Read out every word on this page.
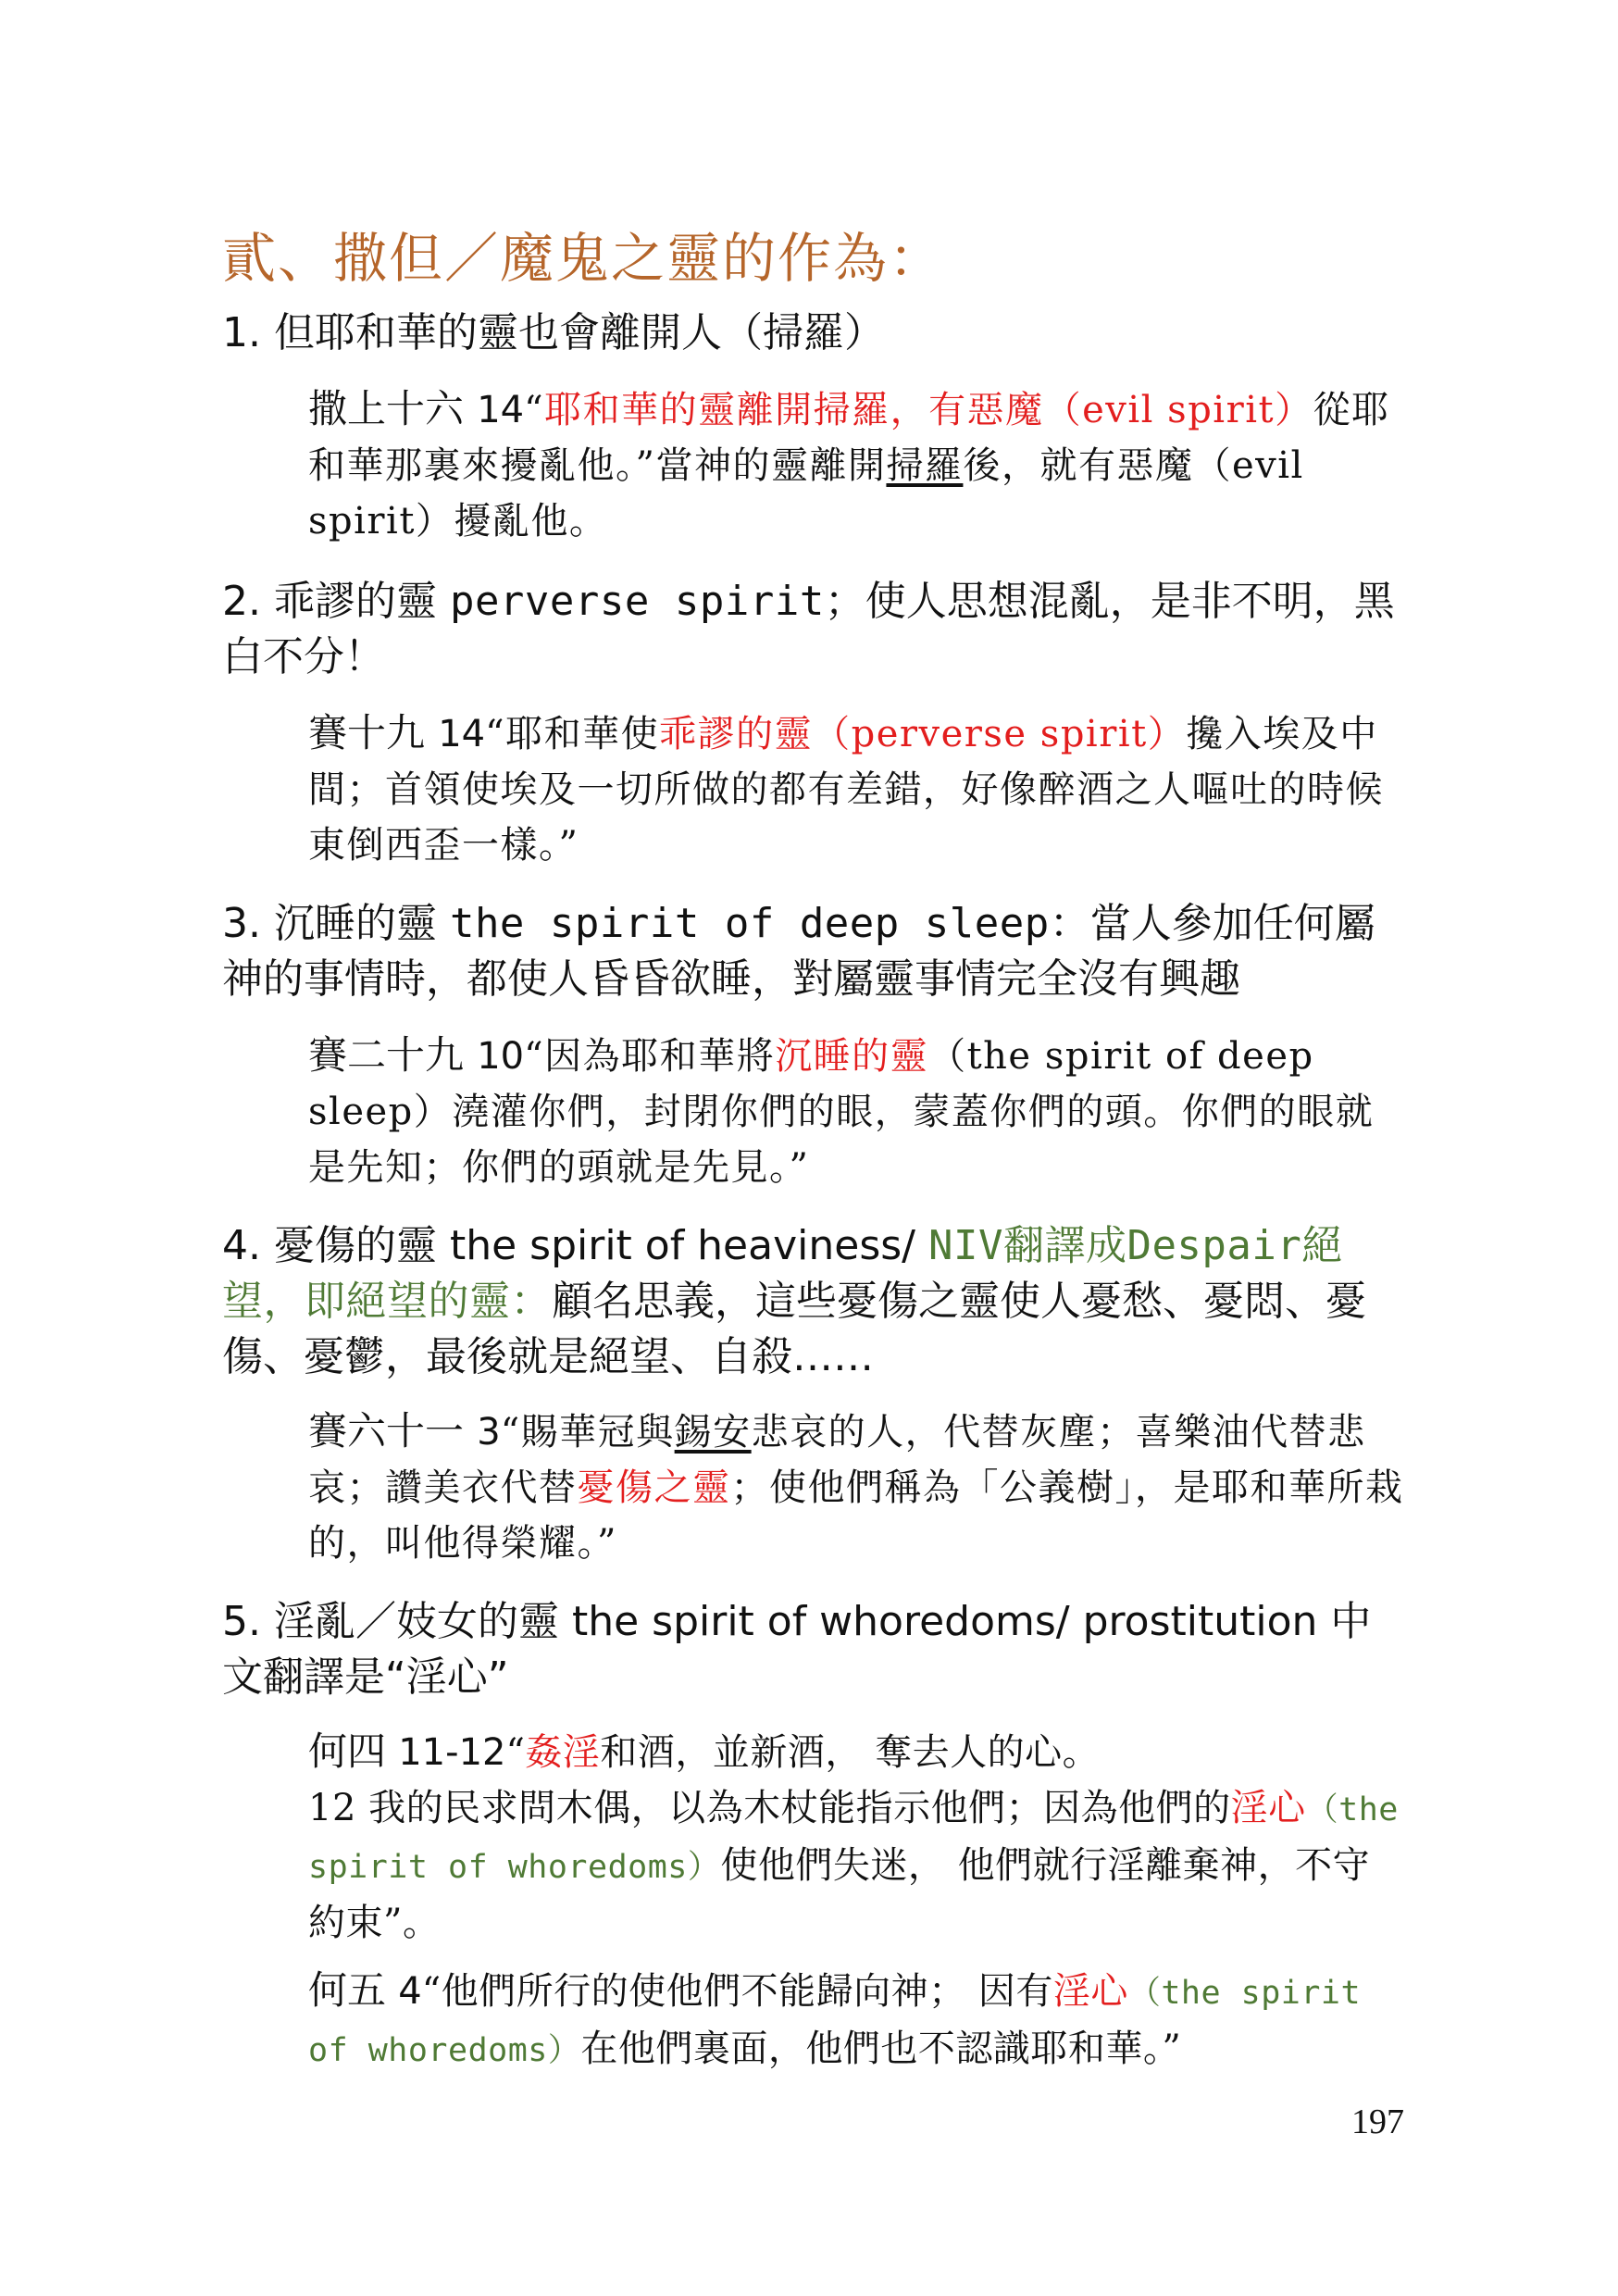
貳、撒但／魔鬼之靈的作為：
1. 但耶和華的靈也會離開人（掃羅）
撒上十六 14“耶和華的靈離開掃羅，有惡魔（evil spirit）從耶和華那裏來擾亂他。”當神的靈離開掃羅後，就有惡魔（evil spirit）擾亂他。
2. 乖謬的靈 perverse spirit；使人思想混亂，是非不明，黑白不分！
賽十九 14“耶和華使乖謬的靈（perverse spirit）攙入埃及中間；首領使埃及一切所做的都有差錯，好像醉酒之人嘔吐的時候東倒西歪一樣。”
3. 沉睡的靈 the spirit of deep sleep：當人參加任何屬神的事情時，都使人昏昏欲睡，對屬靈事情完全沒有興趣
賽二十九 10“因為耶和華將沉睡的靈（the spirit of deep sleep）澆灌你們，封閉你們的眼，蒙蓋你們的頭。你們的眼就是先知；你們的頭就是先見。”
4. 憂傷的靈 the spirit of heaviness/ NIV翻譯成Despair絕望，即絕望的靈：顧名思義，這些憂傷之靈使人憂愁、憂悶、憂傷、憂鬱，最後就是絕望、自殺……
賽六十一 3“賜華冠與錫安悲哀的人，代替灰塵；喜樂油代替悲哀；讚美衣代替憂傷之靈；使他們稱為「公義樹」，是耶和華所栽的，叫他得榮耀。”
5. 淫亂／妓女的靈 the spirit of whoredoms/ prostitution 中文翻譯是“淫心”
何四 11-12“姦淫和酒，並新酒， 奪去人的心。
12 我的民求問木偶，以為木杖能指示他們；因為他們的淫心（the spirit of whoredoms）使他們失迷， 他們就行淫離棄神，不守約束”。
何五 4“他們所行的使他們不能歸向神； 因有淫心（the spirit of whoredoms）在他們裏面，他們也不認識耶和華。”
197
